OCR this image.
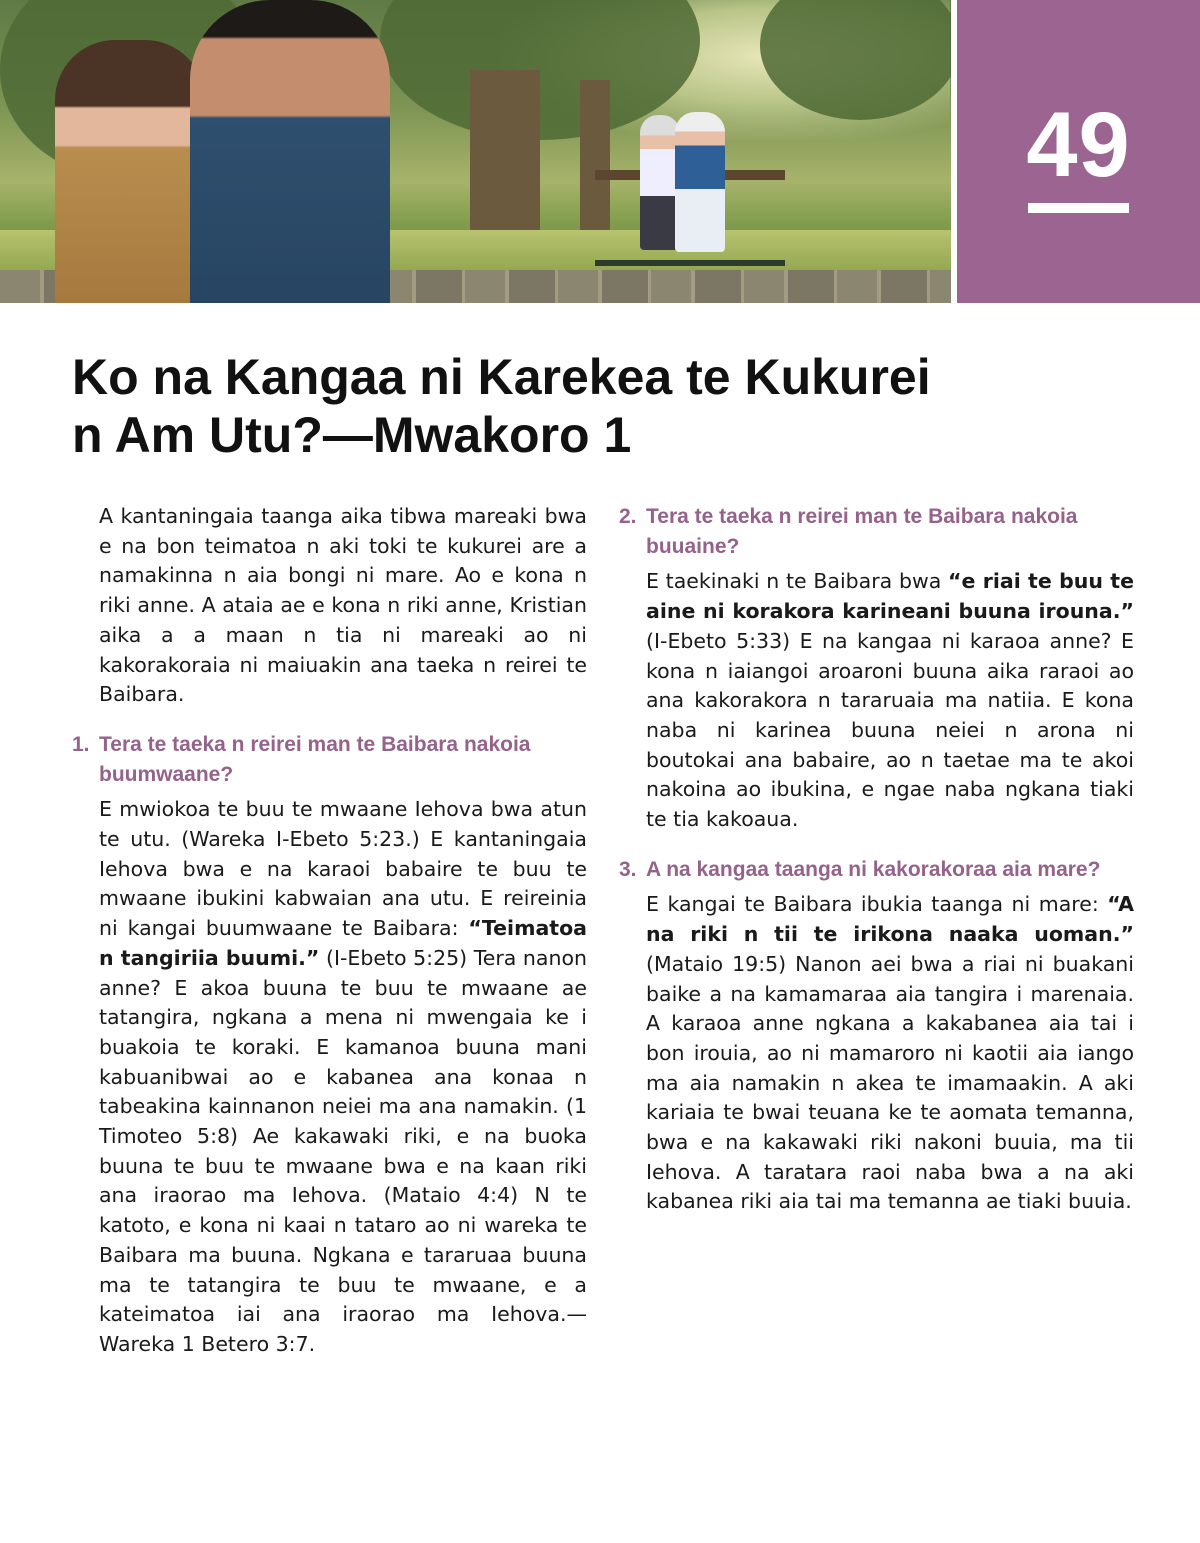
49
Ko na Kangaa ni Karekea te Kukurei n Am Utu?—Mwakoro 1

A kantaningaia taanga aika tibwa mareaki bwa e na bon teimatoa n aki toki te kukurei are a namakinna n aia bongi ni mare. Ao e kona n riki anne. A ataia ae e kona n riki anne, Kristian aika a a maan n tia ni mareaki ao ni kakorakoraia ni maiuakin ana taeka n reirei te Baibara.

1. Tera te taeka n reirei man te Baibara nakoia buumwaane?

E mwiokoa te buu te mwaane Iehova bwa atun te utu. (Wareka I-Ebeto 5:23.) E kantaningaia Iehova bwa e na karaoi babaire te buu te mwaane ibukini kabwaian ana utu. E reireinia ni kangai buumwaane te Baibara: “Teimatoa n tangiriia buumi.” (I-Ebeto 5:25) Tera nanon anne? E akoa buuna te buu te mwaane ae tatangira, ngkana a mena ni mwengaia ke i buakoia te koraki. E kamanoa buuna mani kabuanibwai ao e kabanea ana konaa n tabeakina kainnanon neiei ma ana namakin. (1 Timoteo 5:8) Ae kakawaki riki, e na buoka buuna te buu te mwaane bwa e na kaan riki ana iraorao ma Iehova. (Mataio 4:4) N te katoto, e kona ni kaai n tataro ao ni wareka te Baibara ma buuna. Ngkana e tararuaa buuna ma te tatangira te buu te mwaane, e a kateimatoa iai ana iraorao ma Iehova.—Wareka 1 Betero 3:7.

2. Tera te taeka n reirei man te Baibara nakoia buuaine?

E taekinaki n te Baibara bwa “e riai te buu te aine ni korakora karineani buuna irouna.” (I-Ebeto 5:33) E na kangaa ni karaoa anne? E kona n iaiangoi aroaroni buuna aika raraoi ao ana kakorakora n tararuaia ma natiia. E kona naba ni karinea buuna neiei n arona ni boutokai ana babaire, ao n taetae ma te akoi nakoina ao ibukina, e ngae naba ngkana tiaki te tia kakoaua.

3. A na kangaa taanga ni kakorakoraa aia mare?

E kangai te Baibara ibukia taanga ni mare: “A na riki n tii te irikona naaka uoman.” (Mataio 19:5) Nanon aei bwa a riai ni buakani baike a na kamamaraa aia tangira i marenaia. A karaoa anne ngkana a kakabanea aia tai i bon irouia, ao ni mamaroro ni kaotii aia iango ma aia namakin n akea te imamaakin. A aki kariaia te bwai teuana ke te aomata temanna, bwa e na kakawaki riki nakoni buuia, ma tii Iehova. A taratara raoi naba bwa a na aki kabanea riki aia tai ma temanna ae tiaki buuia.
